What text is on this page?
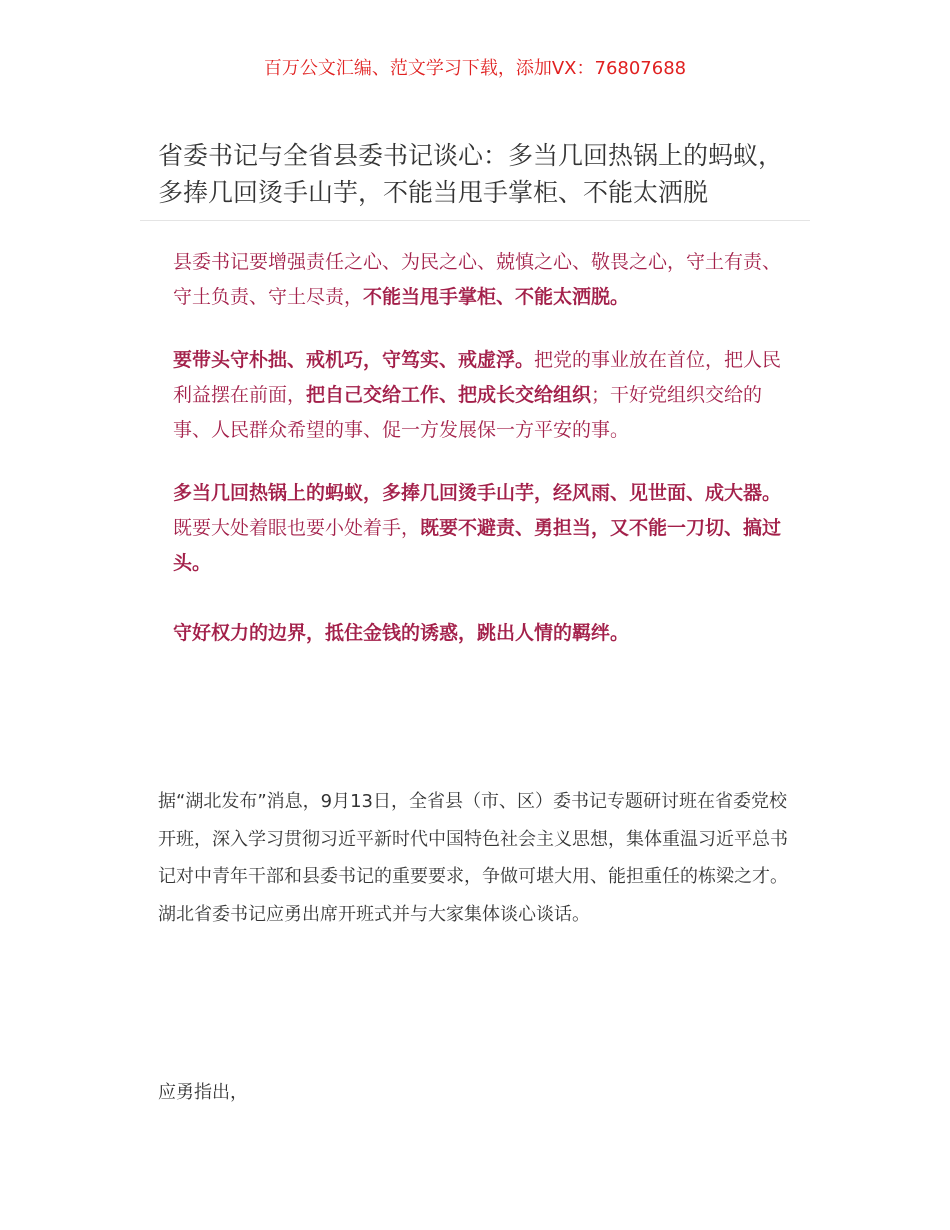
百万公文汇编、范文学习下载，添加VX：76807688
省委书记与全省县委书记谈心：多当几回热锅上的蚂蚁，多捧几回烫手山芋，不能当甩手掌柜、不能太洒脱

县委书记要增强责任之心、为民之心、兢慎之心、敬畏之心，守土有责、守土负责、守土尽责，不能当甩手掌柜、不能太洒脱。

要带头守朴拙、戒机巧，守笃实、戒虚浮。把党的事业放在首位，把人民利益摆在前面，把自己交给工作、把成长交给组织；干好党组织交给的事、人民群众希望的事、促一方发展保一方平安的事。

多当几回热锅上的蚂蚁，多捧几回烫手山芋，经风雨、见世面、成大器。既要大处着眼也要小处着手，既要不避责、勇担当，又不能一刀切、搞过头。

守好权力的边界，抵住金钱的诱惑，跳出人情的羁绊。

据“湖北发布”消息，9月13日，全省县（市、区）委书记专题研讨班在省委党校开班，深入学习贯彻习近平新时代中国特色社会主义思想，集体重温习近平总书记对中青年干部和县委书记的重要要求，争做可堪大用、能担重任的栋梁之才。湖北省委书记应勇出席开班式并与大家集体谈心谈话。

应勇指出，
